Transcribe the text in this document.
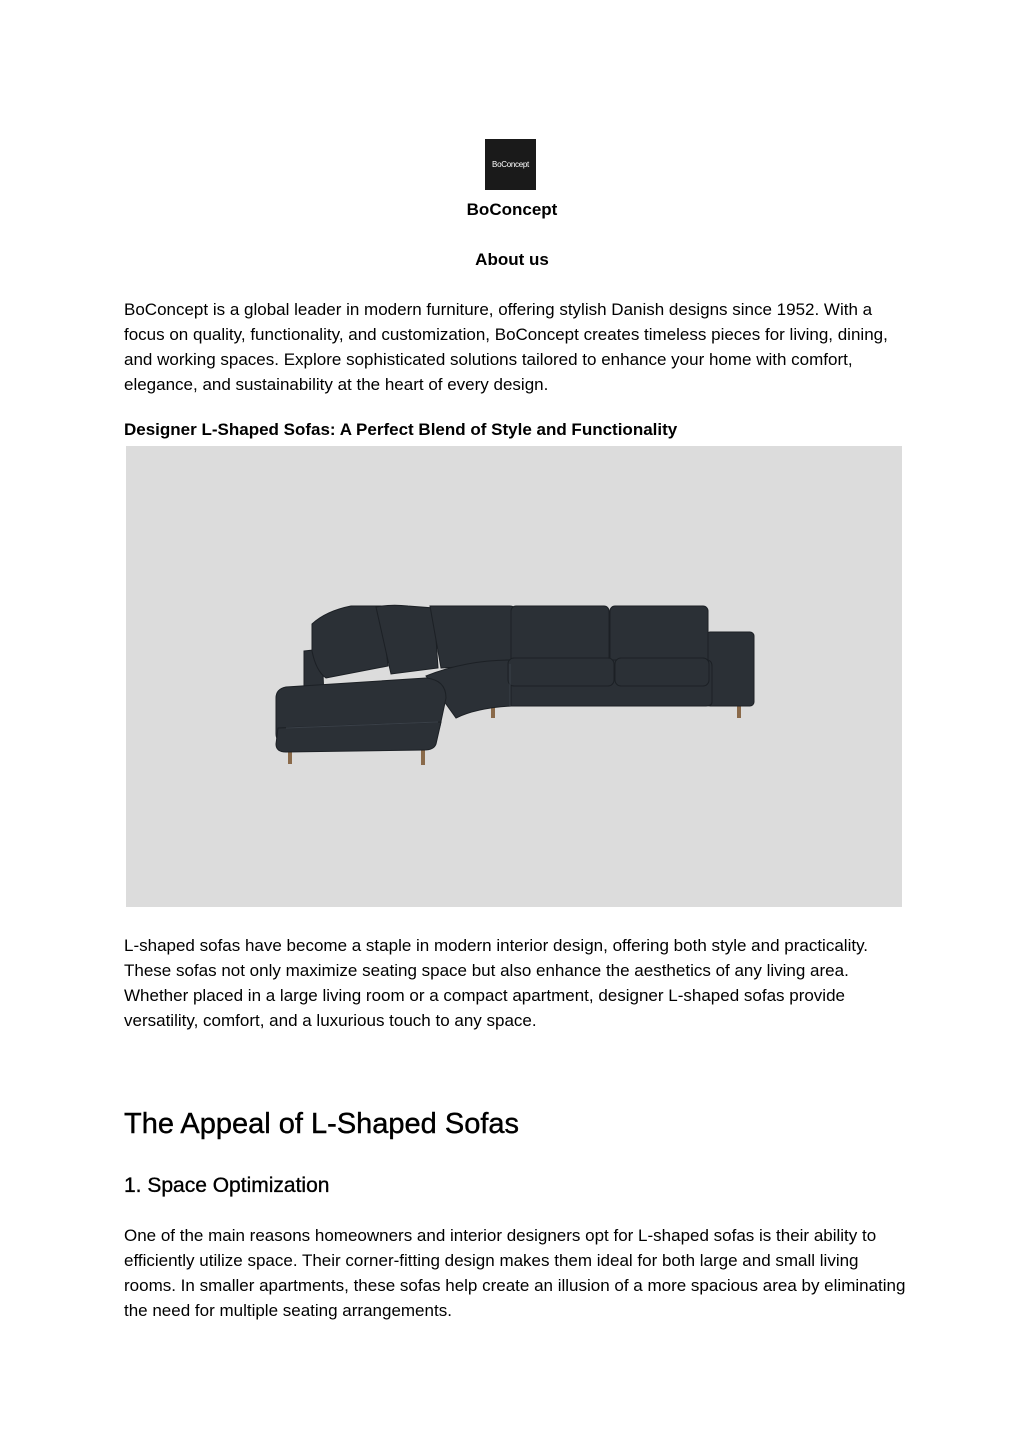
BoConcept
BoConcept
About us

BoConcept is a global leader in modern furniture, offering stylish Danish designs since 1952. With a focus on quality, functionality, and customization, BoConcept creates timeless pieces for living, dining, and working spaces. Explore sophisticated solutions tailored to enhance your home with comfort, elegance, and sustainability at the heart of every design.

Designer L-Shaped Sofas: A Perfect Blend of Style and Functionality

L-shaped sofas have become a staple in modern interior design, offering both style and practicality. These sofas not only maximize seating space but also enhance the aesthetics of any living area. Whether placed in a large living room or a compact apartment, designer L-shaped sofas provide versatility, comfort, and a luxurious touch to any space.

The Appeal of L-Shaped Sofas
1. Space Optimization

One of the main reasons homeowners and interior designers opt for L-shaped sofas is their ability to efficiently utilize space. Their corner-fitting design makes them ideal for both large and small living rooms. In smaller apartments, these sofas help create an illusion of a more spacious area by eliminating the need for multiple seating arrangements.
